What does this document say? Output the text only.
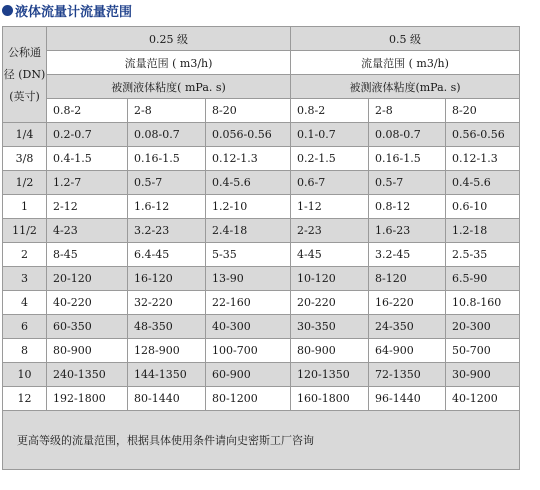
液体流量计流量范围
公称通
径 (DN)
(英寸)	0.25 级			0.5 级		
	流量范围 ( m3/h)			流量范围 ( m3/h)		
	被测液体粘度( mPa. s)			被测液体粘度(mPa. s)		
	0.8-2	2-8	8-20	0.8-2	2-8	8-20
1/4	0.2-0.7	0.08-0.7	0.056-0.56	0.1-0.7	0.08-0.7	0.56-0.56
3/8	0.4-1.5	0.16-1.5	0.12-1.3	0.2-1.5	0.16-1.5	0.12-1.3
1/2	1.2-7	0.5-7	0.4-5.6	0.6-7	0.5-7	0.4-5.6
1	2-12	1.6-12	1.2-10	1-12	0.8-12	0.6-10
11/2	4-23	3.2-23	2.4-18	2-23	1.6-23	1.2-18
2	8-45	6.4-45	5-35	4-45	3.2-45	2.5-35
3	20-120	16-120	13-90	10-120	8-120	6.5-90
4	40-220	32-220	22-160	20-220	16-220	10.8-160
6	60-350	48-350	40-300	30-350	24-350	20-300
8	80-900	128-900	100-700	80-900	64-900	50-700
10	240-1350	144-1350	60-900	120-1350	72-1350	30-900
12	192-1800	80-1440	80-1200	160-1800	96-1440	40-1200
更高等级的流量范围，根据具体使用条件请向史密斯工厂咨询						
